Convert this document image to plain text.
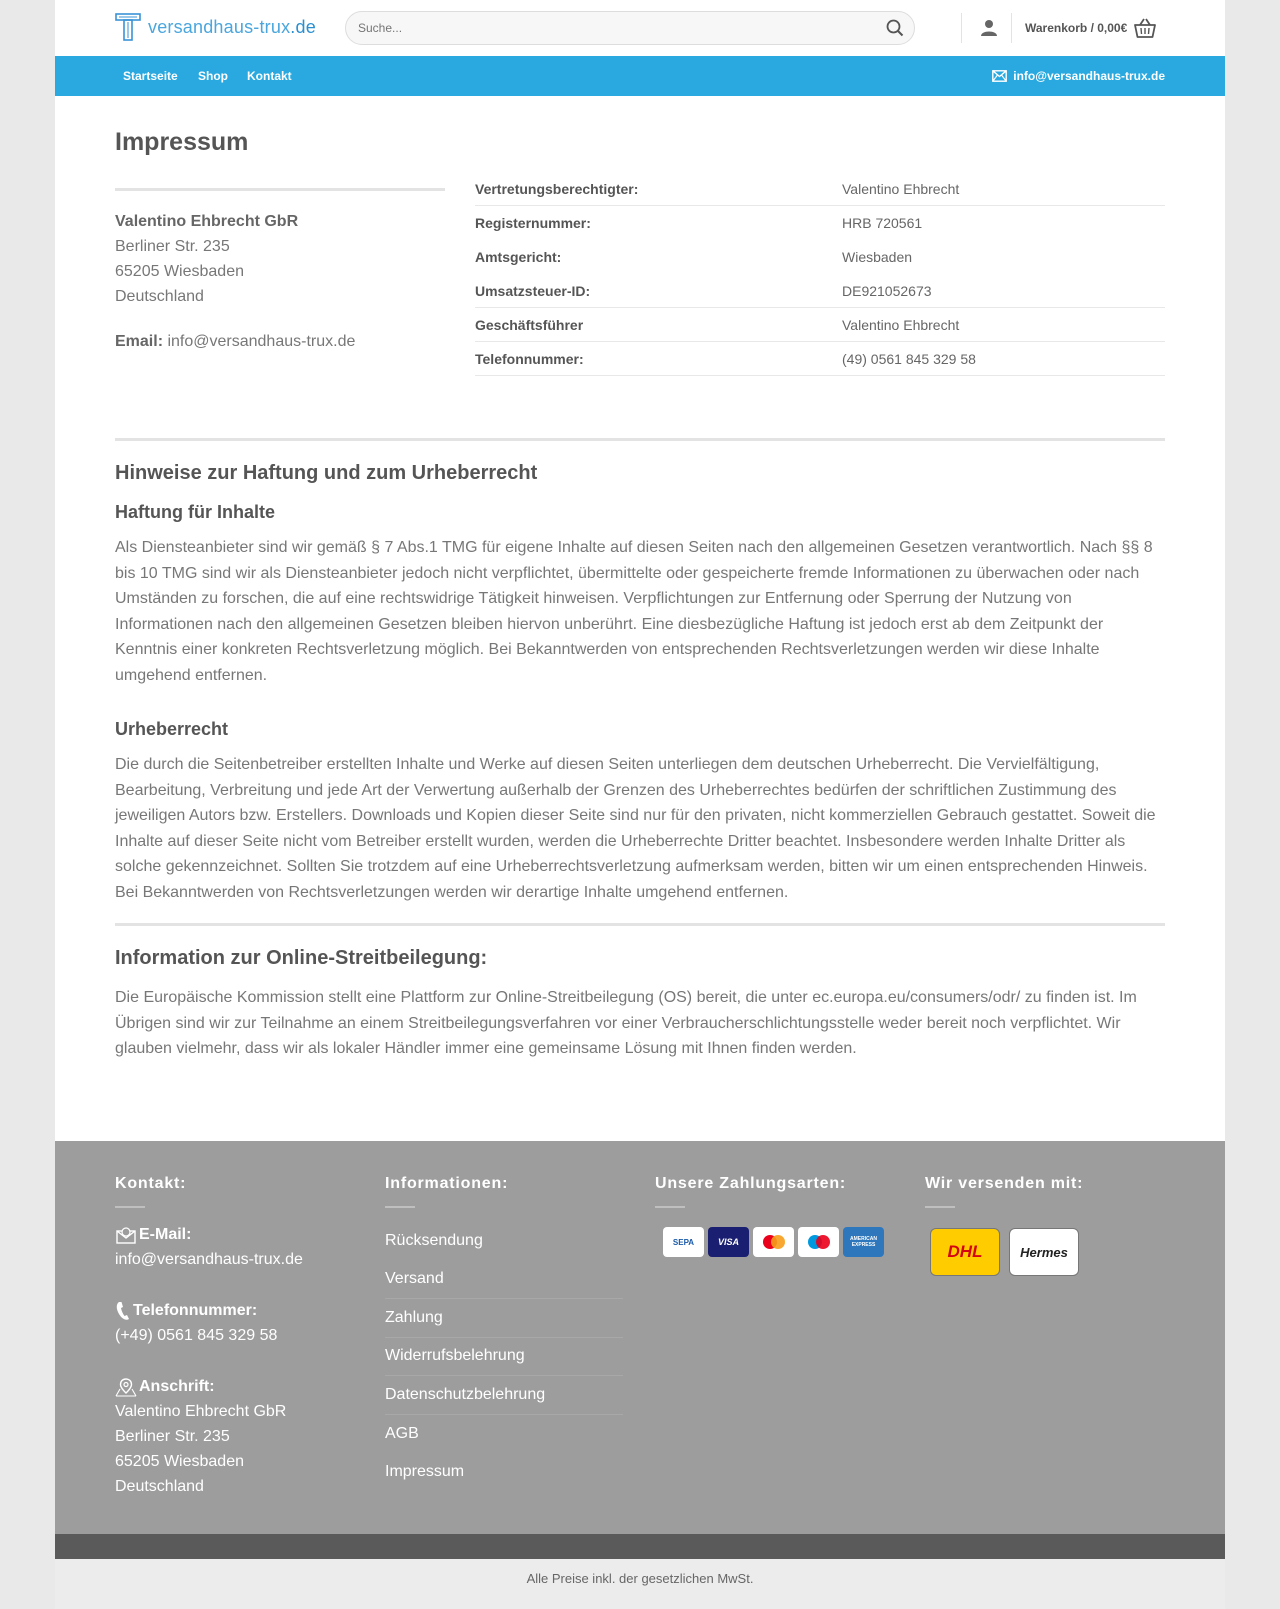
versandhaus-trux.de
Suche...	Warenkorb / 0,00€
Startseite Shop Kontakt	info@versandhaus-trux.de
Impressum
Valentino Ehbrecht GbR
Berliner Str. 235
65205 Wiesbaden
Deutschland
Email: info@versandhaus-trux.de
Vertretungsberechtigter:	Valentino Ehbrecht
Registernummer:	HRB 720561
Amtsgericht:	Wiesbaden
Umsatzsteuer-ID:	DE921052673
Geschäftsführer	Valentino Ehbrecht
Telefonnummer:	(49) 0561 845 329 58
Hinweise zur Haftung und zum Urheberrecht
Haftung für Inhalte

Als Diensteanbieter sind wir gemäß § 7 Abs.1 TMG für eigene Inhalte auf diesen Seiten nach den allgemeinen Gesetzen verantwortlich. Nach §§ 8 bis 10 TMG sind wir als Diensteanbieter jedoch nicht verpflichtet, übermittelte oder gespeicherte fremde Informationen zu überwachen oder nach Umständen zu forschen, die auf eine rechtswidrige Tätigkeit hinweisen. Verpflichtungen zur Entfernung oder Sperrung der Nutzung von Informationen nach den allgemeinen Gesetzen bleiben hiervon unberührt. Eine diesbezügliche Haftung ist jedoch erst ab dem Zeitpunkt der Kenntnis einer konkreten Rechtsverletzung möglich. Bei Bekanntwerden von entsprechenden Rechtsverletzungen werden wir diese Inhalte umgehend entfernen.

Urheberrecht

Die durch die Seitenbetreiber erstellten Inhalte und Werke auf diesen Seiten unterliegen dem deutschen Urheberrecht. Die Vervielfältigung, Bearbeitung, Verbreitung und jede Art der Verwertung außerhalb der Grenzen des Urheberrechtes bedürfen der schriftlichen Zustimmung des jeweiligen Autors bzw. Erstellers. Downloads und Kopien dieser Seite sind nur für den privaten, nicht kommerziellen Gebrauch gestattet. Soweit die Inhalte auf dieser Seite nicht vom Betreiber erstellt wurden, werden die Urheberrechte Dritter beachtet. Insbesondere werden Inhalte Dritter als solche gekennzeichnet. Sollten Sie trotzdem auf eine Urheberrechtsverletzung aufmerksam werden, bitten wir um einen entsprechenden Hinweis. Bei Bekanntwerden von Rechtsverletzungen werden wir derartige Inhalte umgehend entfernen.

Information zur Online-Streitbeilegung:

Die Europäische Kommission stellt eine Plattform zur Online-Streitbeilegung (OS) bereit, die unter ec.europa.eu/consumers/odr/ zu finden ist. Im Übrigen sind wir zur Teilnahme an einem Streitbeilegungsverfahren vor einer Verbraucherschlichtungsstelle weder bereit noch verpflichtet. Wir glauben vielmehr, dass wir als lokaler Händler immer eine gemeinsame Lösung mit Ihnen finden werden.

Kontakt:
E-Mail:
info@versandhaus-trux.de
Telefonnummer:
(+49) 0561 845 329 58
Anschrift:
Valentino Ehbrecht GbR
Berliner Str. 235
65205 Wiesbaden
Deutschland
Informationen:
Rücksendung
Versand
Zahlung
Widerrufsbelehrung
Datenschutzbelehrung
AGB
Impressum
Unsere Zahlungsarten:
SEPA	VISA	AMERICAN EXPRESS
Wir versenden mit:
DHL	Hermes
Alle Preise inkl. der gesetzlichen MwSt.
